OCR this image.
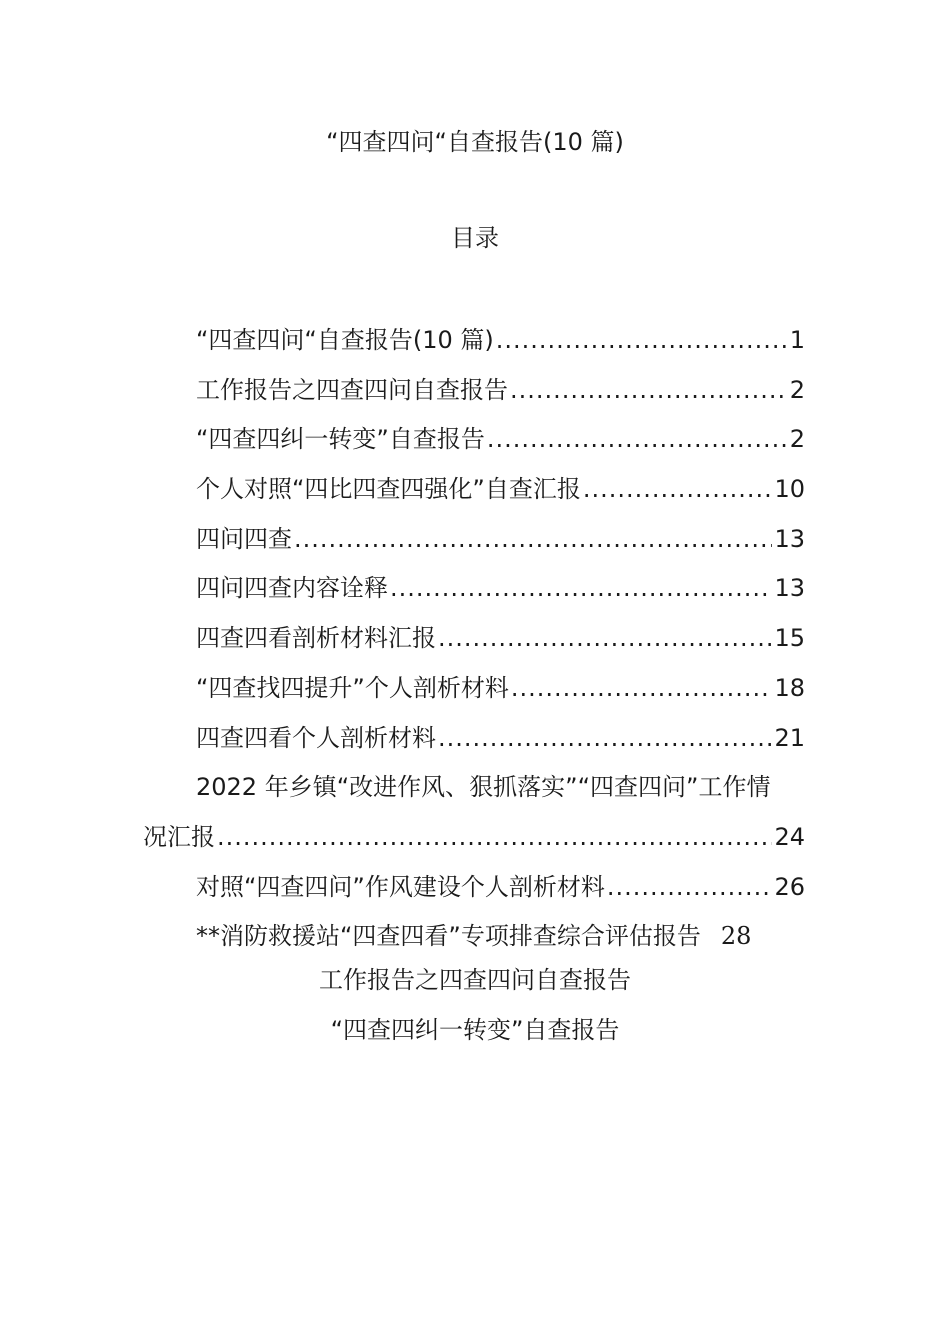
“四查四问“自查报告(10 篇)
目录
“四查四问“自查报告(10 篇) .....	1
工作报告之四查四问自查报告 .....	2
“四查四纠一转变”自查报告 .....	2
个人对照“四比四查四强化”自查汇报 .....	10
四问四查 .....	13
四问四查内容诠释 .....	13
四查四看剖析材料汇报 .....	15
“四查找四提升”个人剖析材料 .....	18
四查四看个人剖析材料 .....	21
2022 年乡镇“改进作风、狠抓落实”“四查四问”工作情
况汇报 .....	24
对照“四查四问”作风建设个人剖析材料 .....	26
**消防救援站“四查四看”专项排查综合评估报告 28
工作报告之四查四问自查报告
“四查四纠一转变”自查报告
